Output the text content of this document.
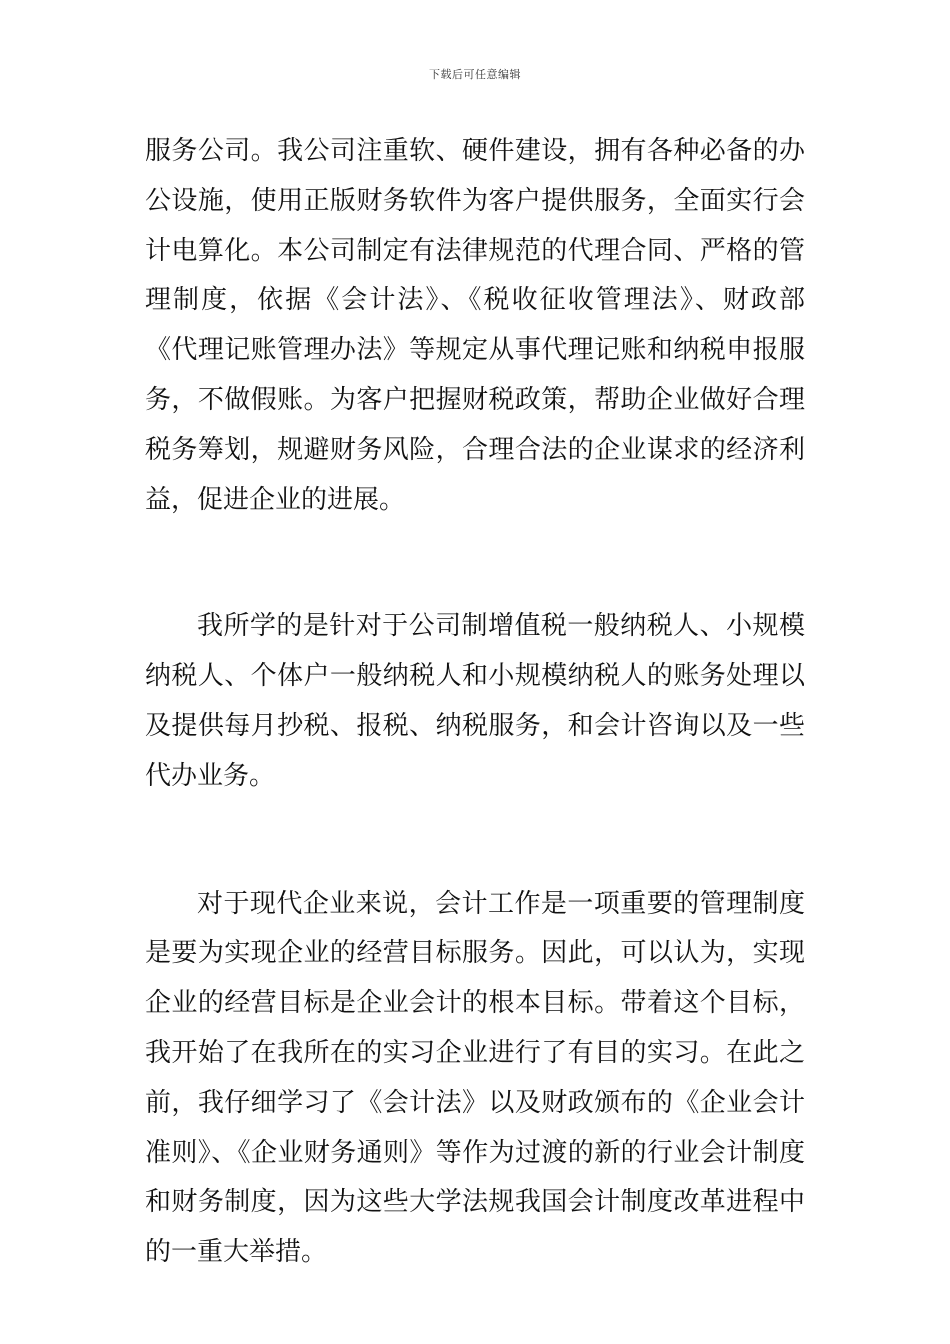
下载后可任意编辑

服务公司。我公司注重软、硬件建设，拥有各种必备的办公设施，使用正版财务软件为客户提供服务，全面实行会计电算化。本公司制定有法律规范的代理合同、严格的管理制度，依据《会计法》、《税收征收管理法》、财政部《代理记账管理办法》等规定从事代理记账和纳税申报服务，不做假账。为客户把握财税政策，帮助企业做好合理税务筹划，规避财务风险，合理合法的企业谋求的经济利益，促进企业的进展。

我所学的是针对于公司制增值税一般纳税人、小规模纳税人、个体户一般纳税人和小规模纳税人的账务处理以及提供每月抄税、报税、纳税服务，和会计咨询以及一些代办业务。

对于现代企业来说，会计工作是一项重要的管理制度是要为实现企业的经营目标服务。因此，可以认为，实现企业的经营目标是企业会计的根本目标。带着这个目标，我开始了在我所在的实习企业进行了有目的实习。在此之前，我仔细学习了《会计法》以及财政颁布的《企业会计准则》、《企业财务通则》等作为过渡的新的行业会计制度和财务制度，因为这些大学法规我国会计制度改革进程中的一重大举措。
